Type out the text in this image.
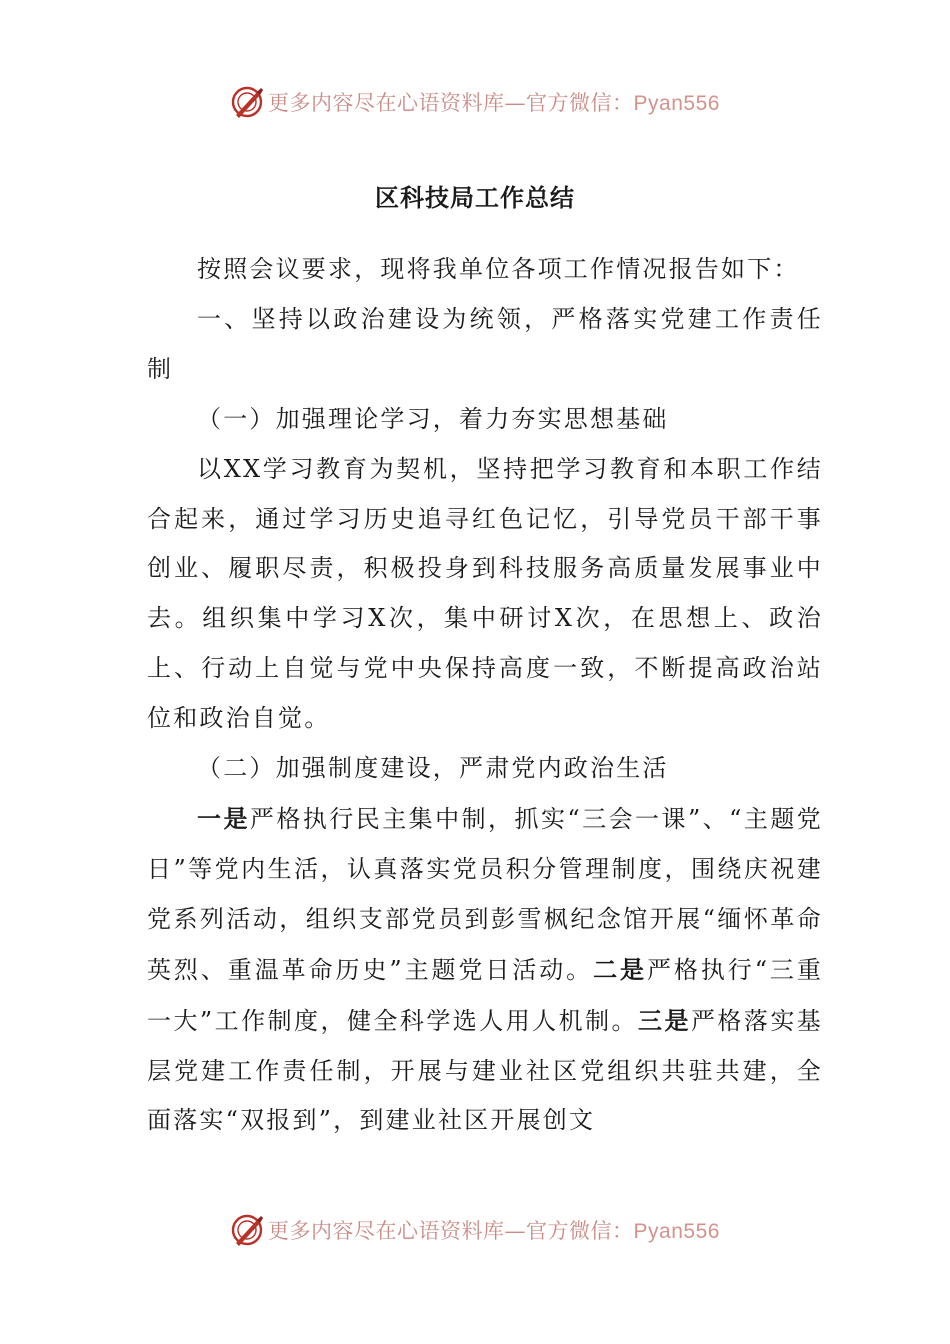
更多内容尽在心语资料库—官方微信：Pyan556
区科技局工作总结

按照会议要求，现将我单位各项工作情况报告如下：

一、坚持以政治建设为统领，严格落实党建工作责任制

（一）加强理论学习，着力夯实思想基础

以XX学习教育为契机，坚持把学习教育和本职工作结合起来，通过学习历史追寻红色记忆，引导党员干部干事创业、履职尽责，积极投身到科技服务高质量发展事业中去。组织集中学习X次，集中研讨X次，在思想上、政治上、行动上自觉与党中央保持高度一致，不断提高政治站位和政治自觉。

（二）加强制度建设，严肃党内政治生活

一是严格执行民主集中制，抓实“三会一课”、“主题党日”等党内生活，认真落实党员积分管理制度，围绕庆祝建党系列活动，组织支部党员到彭雪枫纪念馆开展“缅怀革命英烈、重温革命历史”主题党日活动。二是严格执行“三重一大”工作制度，健全科学选人用人机制。三是严格落实基层党建工作责任制，开展与建业社区党组织共驻共建，全面落实“双报到”，到建业社区开展创文

更多内容尽在心语资料库—官方微信：Pyan556
